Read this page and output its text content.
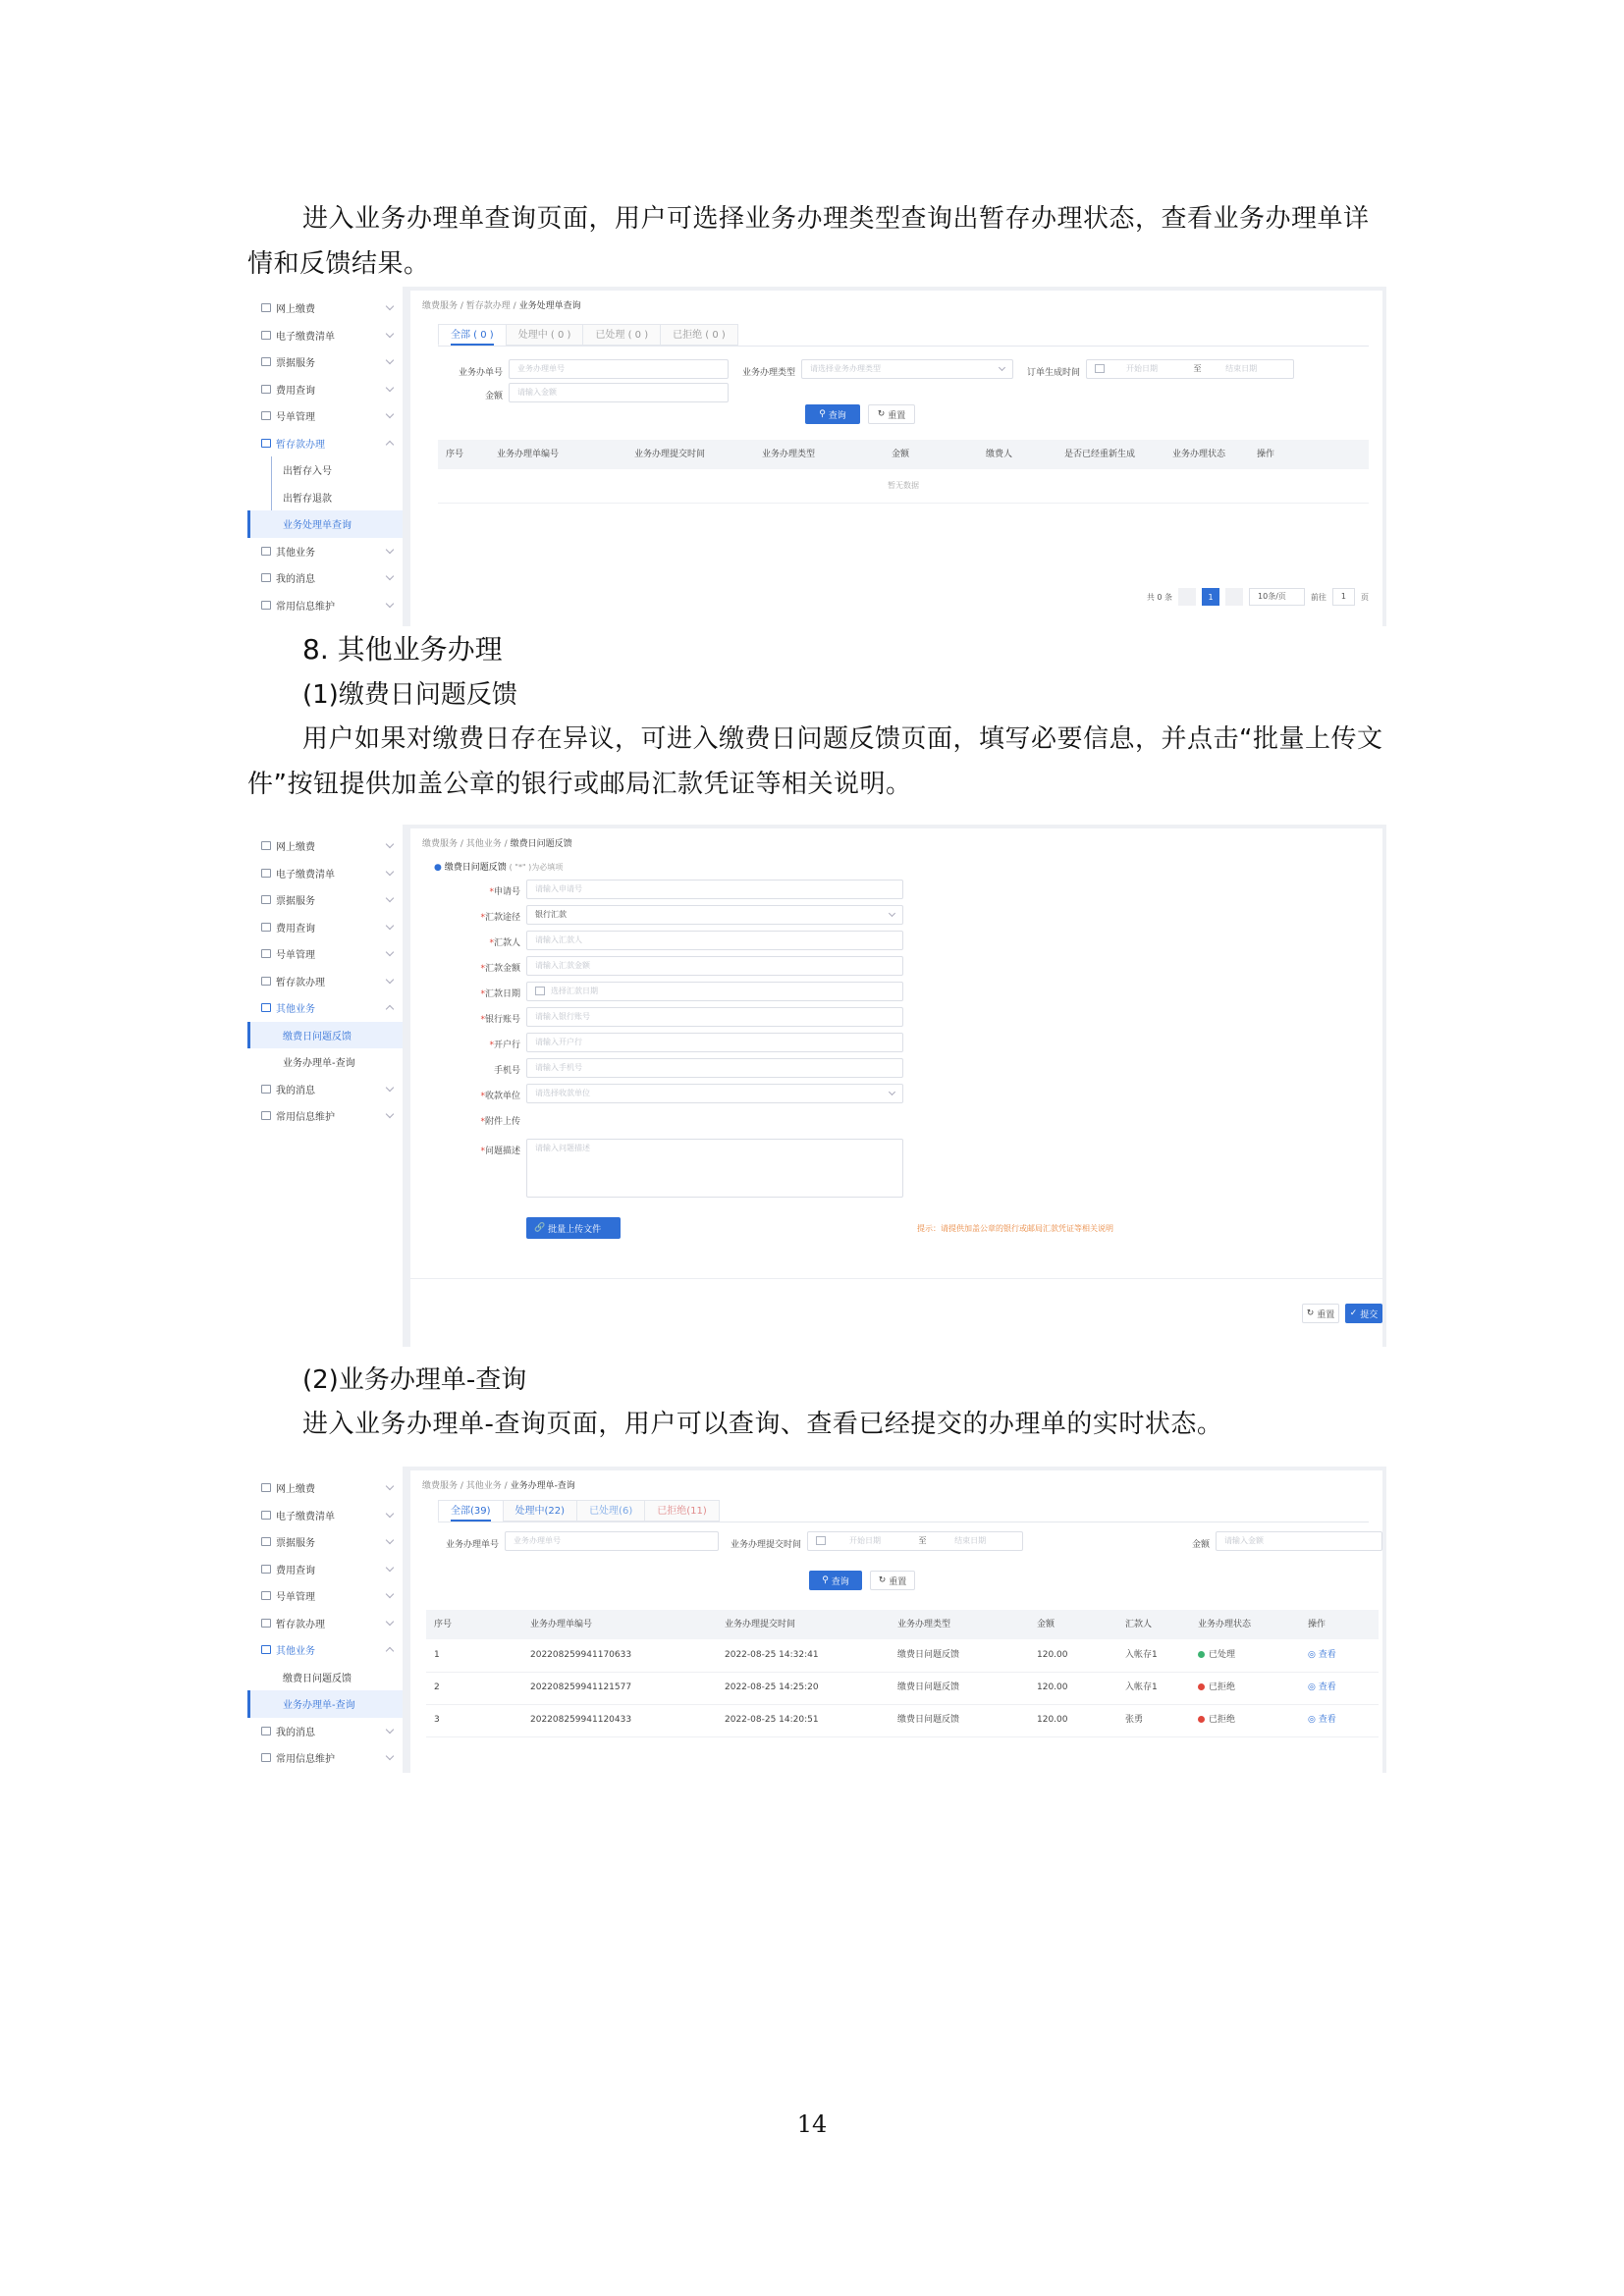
进入业务办理单查询页面，用户可选择业务办理类型查询出暂存办理状态，查看业务办理单详情和反馈结果。

网上缴费
电子缴费清单
票据服务
费用查询
号单管理
暂存款办理
出暂存入号
出暂存退款
业务处理单查询
其他业务
我的消息
常用信息维护
缴费服务 / 暂存款办理 / 业务处理单查询
全部 ( 0 )	处理中 ( 0 )	已处理 ( 0 )	已拒绝 ( 0 )
业务办单号	业务办理单号	业务办理类型	请选择业务办理类型	订单生成时间	开始日期	至	结束日期
金额	请输入金额
⚲ 查询	↻ 重置
序号	业务办理单编号	业务办理提交时间	业务办理类型	金额	缴费人	是否已经重新生成	业务办理状态	操作
暂无数据
共 0 条	1	10条/页	前往	1	页
8. 其他业务办理
(1)缴费日问题反馈

用户如果对缴费日存在异议，可进入缴费日问题反馈页面，填写必要信息，并点击“批量上传文件”按钮提供加盖公章的银行或邮局汇款凭证等相关说明。

网上缴费
电子缴费清单
票据服务
费用查询
号单管理
暂存款办理
其他业务
缴费日问题反馈
业务办理单-查询
我的消息
常用信息维护
缴费服务 / 其他业务 / 缴费日问题反馈
● 缴费日问题反馈 ( "*" )为必填项
*申请号	请输入申请号
*汇款途径	银行汇款
*汇款人	请输入汇款人
*汇款金额	请输入汇款金额
*汇款日期	选择汇款日期
*银行账号	请输入银行账号
*开户行	请输入开户行
手机号	请输入手机号
*收款单位	请选择收款单位
*附件上传
*问题描述	请输入问题描述
🔗 批量上传文件	提示：请提供加盖公章的银行或邮局汇款凭证等相关说明
↻ 重置 ✓ 提交
(2)业务办理单-查询

进入业务办理单-查询页面，用户可以查询、查看已经提交的办理单的实时状态。

网上缴费
电子缴费清单
票据服务
费用查询
号单管理
暂存款办理
其他业务
缴费日问题反馈
业务办理单-查询
我的消息
常用信息维护
缴费服务 / 其他业务 / 业务办理单-查询
全部(39)	处理中(22)	已处理(6)	已拒绝(11)
业务办理单号	业务办理单号	业务办理提交时间	开始日期	至	结束日期	金额	请输入金额
⚲ 查询	↻ 重置
序号	业务办理单编号	业务办理提交时间	业务办理类型	金额	汇款人	业务办理状态	操作
1	202208259941170633	2022-08-25 14:32:41	缴费日问题反馈	120.00	入帐存1	已处理	◎ 查看
2	202208259941121577	2022-08-25 14:25:20	缴费日问题反馈	120.00	入帐存1	已拒绝	◎ 查看
3	202208259941120433	2022-08-25 14:20:51	缴费日问题反馈	120.00	张勇	已拒绝	◎ 查看
14
